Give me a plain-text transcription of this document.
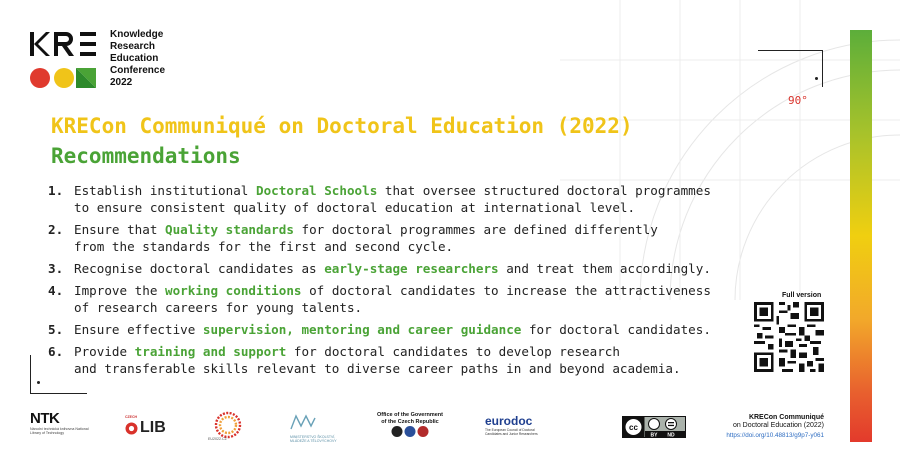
Knowledge
Research
Education
Conference
2022
90°
KRECon Communiqué on Doctoral Education (2022)
Recommendations
1. Establish institutional Doctoral Schools that oversee structured doctoral programmes
to ensure consistent quality of doctoral education at international level.
2. Ensure that Quality standards for doctoral programmes are defined differently
from the standards for the first and second cycle.
3. Recognise doctoral candidates as early-stage researchers and treat them accordingly.
4. Improve the working conditions of doctoral candidates to increase the attractiveness
of research careers for young talents.
5. Ensure effective supervision, mentoring and career guidance for doctoral candidates.
6. Provide training and support for doctoral candidates to develop research
and transferable skills relevant to diverse career paths in and beyond academia.
Full version
NTK
Národní technická knihovna National Library of Technology
CZECH
LIB
EU2022.CZ	MINISTERSTVO ŠKOLSTVÍ, MLÁDEŽE A TĚLOVÝCHOVY
Office of the Government
of the Czech Republic	eurodoc
The European Council of Doctoral Candidates and Junior Researchers
cc
BY ND
KRECon Communiqué
on Doctoral Education (2022)
https://doi.org/10.48813/g9p7-y061
